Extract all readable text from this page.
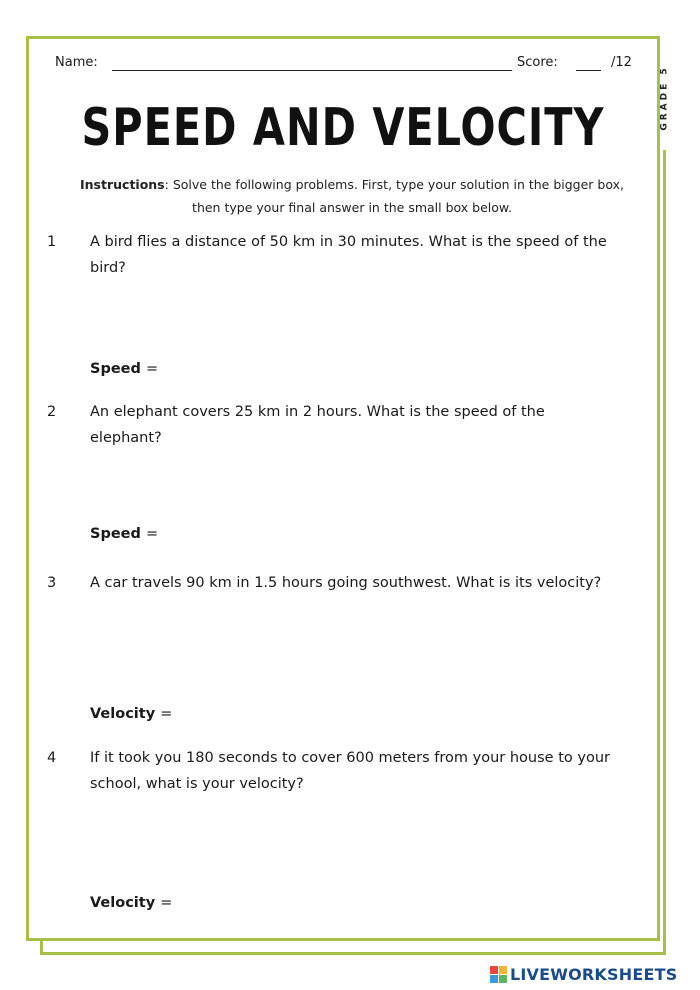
GRADE 5
Name:	Score:	/12
SPEED AND VELOCITY
Instructions: Solve the following problems. First, type your solution in the bigger box, then type your final answer in the small box below.
1	A bird flies a distance of 50 km in 30 minutes. What is the speed of the bird?
Speed =
2	An elephant covers 25 km in 2 hours. What is the speed of the elephant?
Speed =
3	A car travels 90 km in 1.5 hours going southwest. What is its velocity?
Velocity =
4	If it took you 180 seconds to cover 600 meters from your house to your school, what is your velocity?
Velocity =
LIVEWORKSHEETS
